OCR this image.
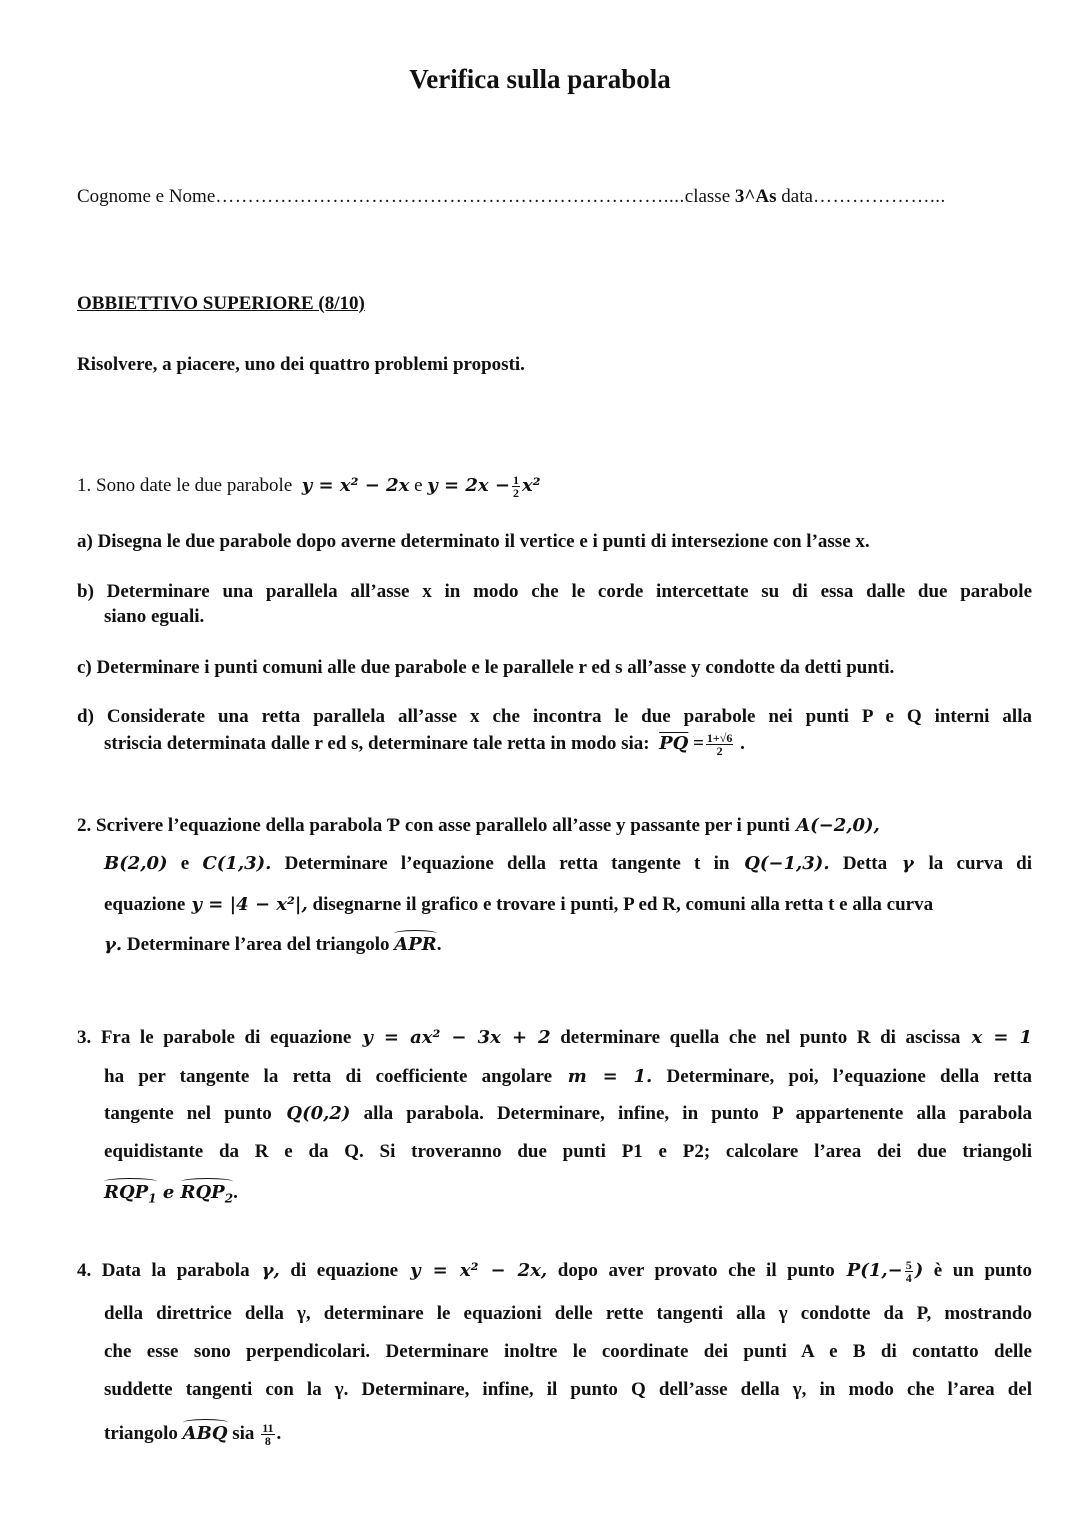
Verifica sulla parabola
Cognome e Nome……………………………………………………………....classe 3^As data………………...
OBBIETTIVO SUPERIORE (8/10)
Risolvere, a piacere, uno dei quattro problemi proposti.
1. Sono date le due parabole y = x² − 2x e $y = 2x - \frac{1}{2} x^2$
a) Disegna le due parabole dopo averne determinato il vertice e i punti di intersezione con l’asse x.
b) Determinare una parallela all’asse x in modo che le corde intercettate su di essa dalle due parabole
siano eguali.
c) Determinare i punti comuni alle due parabole e le parallele r ed s all’asse y condotte da detti punti.
d) Considerate una retta parallela all’asse x che incontra le due parabole nei punti P e Q interni alla
striscia determinata dalle r ed s, determinare tale retta in modo sia: $\overline{PQ} = \frac{1+√6}{2}$ .
2. Scrivere l’equazione della parabola Ƥ con asse parallelo all’asse y passante per i punti A(−2,0),
B(2,0) e C(1,3). Determinare l’equazione della retta tangente t in Q(−1,3). Detta γ la curva di
equazione y = |4 − x²|, disegnarne il grafico e trovare i punti, P ed R, comuni alla retta t e alla curva
γ. Determinare l’area del triangolo APR.
3. Fra le parabole di equazione y = ax² − 3x + 2 determinare quella che nel punto R di ascissa x = 1
ha per tangente la retta di coefficiente angolare m = 1. Determinare, poi, l’equazione della retta
tangente nel punto Q(0,2) alla parabola. Determinare, infine, in punto P appartenente alla parabola
equidistante da R e da Q. Si troveranno due punti P1 e P2; calcolare l’area dei due triangoli
$RQP_1$ e $RQP_2$.
4. Data la parabola γ, di equazione y = x² − 2x, dopo aver provato che il punto $P(1,- \frac{5}{4}$ ) è un punto
della direttrice della γ, determinare le equazioni delle rette tangenti alla γ condotte da P, mostrando
che esse sono perpendicolari. Determinare inoltre le coordinate dei punti A e B di contatto delle
suddette tangenti con la γ. Determinare, infine, il punto Q dell’asse della γ, in modo che l’area del
triangolo ABQ sia $\frac{11}{8}$ .
